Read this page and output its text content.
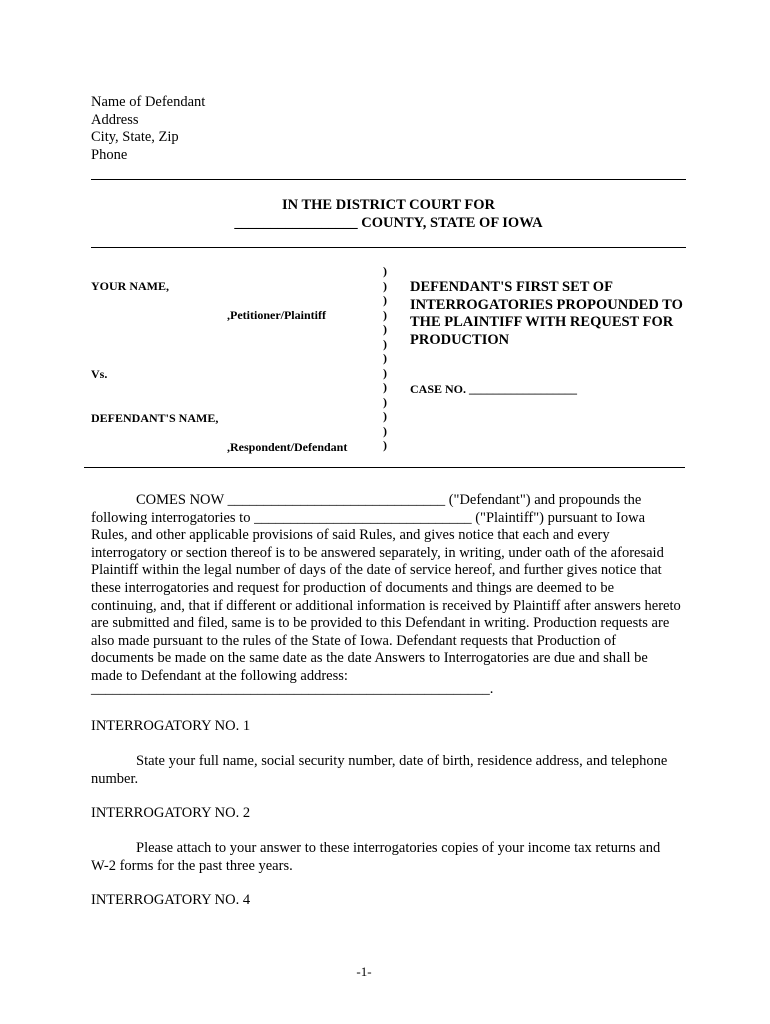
Name of Defendant
Address
City, State, Zip
Phone
IN THE DISTRICT COURT FOR
_________________ COUNTY, STATE OF IOWA
YOUR NAME,
,Petitioner/Plaintiff
Vs.
DEFENDANT'S NAME,
,Respondent/Defendant
)
)
)
)
)
)
)
)
)
)
)
)
)
DEFENDANT'S FIRST SET OF INTERROGATORIES PROPOUNDED TO THE PLAINTIFF WITH REQUEST FOR PRODUCTION
CASE NO. __________________
COMES NOW ______________________________ ("Defendant") and propounds the following interrogatories to ______________________________ ("Plaintiff") pursuant to Iowa Rules, and other applicable provisions of said Rules, and gives notice that each and every interrogatory or section thereof is to be answered separately, in writing, under oath of the aforesaid Plaintiff within the legal number of days of the date of service hereof, and further gives notice that these interrogatories and request for production of documents and things are deemed to be continuing, and, that if different or additional information is received by Plaintiff after answers hereto are submitted and filed, same is to be provided to this Defendant in writing. Production requests are also made pursuant to the rules of the State of Iowa. Defendant requests that Production of documents be made on the same date as the date Answers to Interrogatories are due and shall be made to Defendant at the following address:
_______________________________________________________.
INTERROGATORY NO. 1
State your full name, social security number, date of birth, residence address, and telephone number.
INTERROGATORY NO. 2
Please attach to your answer to these interrogatories copies of your income tax returns and W-2 forms for the past three years.
INTERROGATORY NO. 4
-1-
